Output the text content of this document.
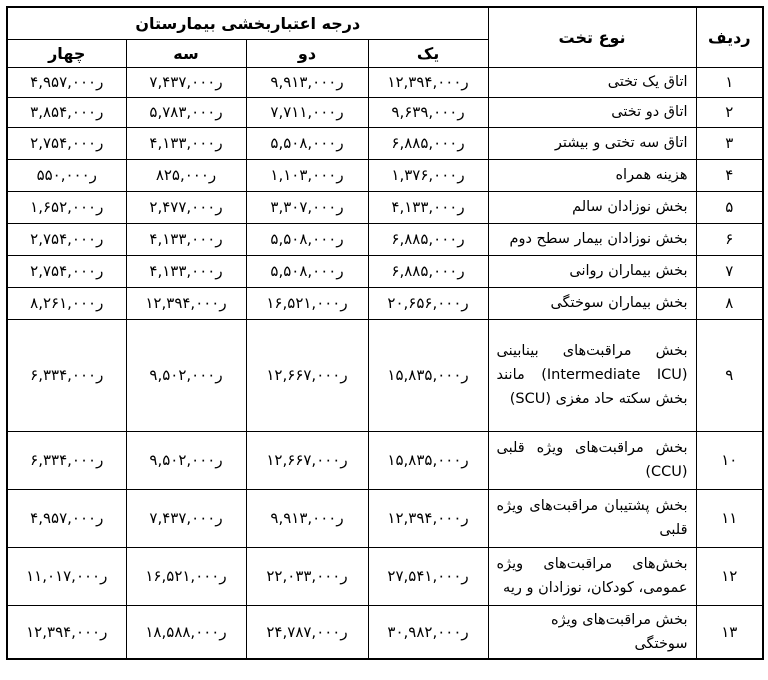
درجه اعتباربخشی بیمارستان				نوع تخت	ردیف
چهار	سه	دو	یک		
۴,۹۵۷,۰۰۰ر	۷,۴۳۷,۰۰۰ر	۹,۹۱۳,۰۰۰ر	۱۲,۳۹۴,۰۰۰ر	اتاق یک تختی	۱
۳,۸۵۴,۰۰۰ر	۵,۷۸۳,۰۰۰ر	۷,۷۱۱,۰۰۰ر	۹,۶۳۹,۰۰۰ر	اتاق دو تختی	۲
۲,۷۵۴,۰۰۰ر	۴,۱۳۳,۰۰۰ر	۵,۵۰۸,۰۰۰ر	۶,۸۸۵,۰۰۰ر	اتاق سه تختی و بیشتر	۳
۵۵۰,۰۰۰ر	۸۲۵,۰۰۰ر	۱,۱۰۳,۰۰۰ر	۱,۳۷۶,۰۰۰ر	هزینه همراه	۴
۱,۶۵۲,۰۰۰ر	۲,۴۷۷,۰۰۰ر	۳,۳۰۷,۰۰۰ر	۴,۱۳۳,۰۰۰ر	بخش نوزادان سالم	۵
۲,۷۵۴,۰۰۰ر	۴,۱۳۳,۰۰۰ر	۵,۵۰۸,۰۰۰ر	۶,۸۸۵,۰۰۰ر	بخش نوزادان بیمار سطح دوم	۶
۲,۷۵۴,۰۰۰ر	۴,۱۳۳,۰۰۰ر	۵,۵۰۸,۰۰۰ر	۶,۸۸۵,۰۰۰ر	بخش بیماران روانی	۷
۸,۲۶۱,۰۰۰ر	۱۲,۳۹۴,۰۰۰ر	۱۶,۵۲۱,۰۰۰ر	۲۰,۶۵۶,۰۰۰ر	بخش بیماران سوختگی	۸
۶,۳۳۴,۰۰۰ر	۹,۵۰۲,۰۰۰ر	۱۲,۶۶۷,۰۰۰ر	۱۵,۸۳۵,۰۰۰ر	بخش مراقبت‌های بینابینی (Intermediate ICU) مانند بخش سکته حاد مغزی (SCU)	۹
۶,۳۳۴,۰۰۰ر	۹,۵۰۲,۰۰۰ر	۱۲,۶۶۷,۰۰۰ر	۱۵,۸۳۵,۰۰۰ر	بخش مراقبت‌های ویژه قلبی (CCU)	۱۰
۴,۹۵۷,۰۰۰ر	۷,۴۳۷,۰۰۰ر	۹,۹۱۳,۰۰۰ر	۱۲,۳۹۴,۰۰۰ر	بخش پشتیبان مراقبت‌های ویژه قلبی	۱۱
۱۱,۰۱۷,۰۰۰ر	۱۶,۵۲۱,۰۰۰ر	۲۲,۰۳۳,۰۰۰ر	۲۷,۵۴۱,۰۰۰ر	بخش‌های مراقبت‌های ویژه عمومی، کودکان، نوزادان و ریه	۱۲
۱۲,۳۹۴,۰۰۰ر	۱۸,۵۸۸,۰۰۰ر	۲۴,۷۸۷,۰۰۰ر	۳۰,۹۸۲,۰۰۰ر	بخش مراقبت‌های ویژه سوختگی	۱۳
